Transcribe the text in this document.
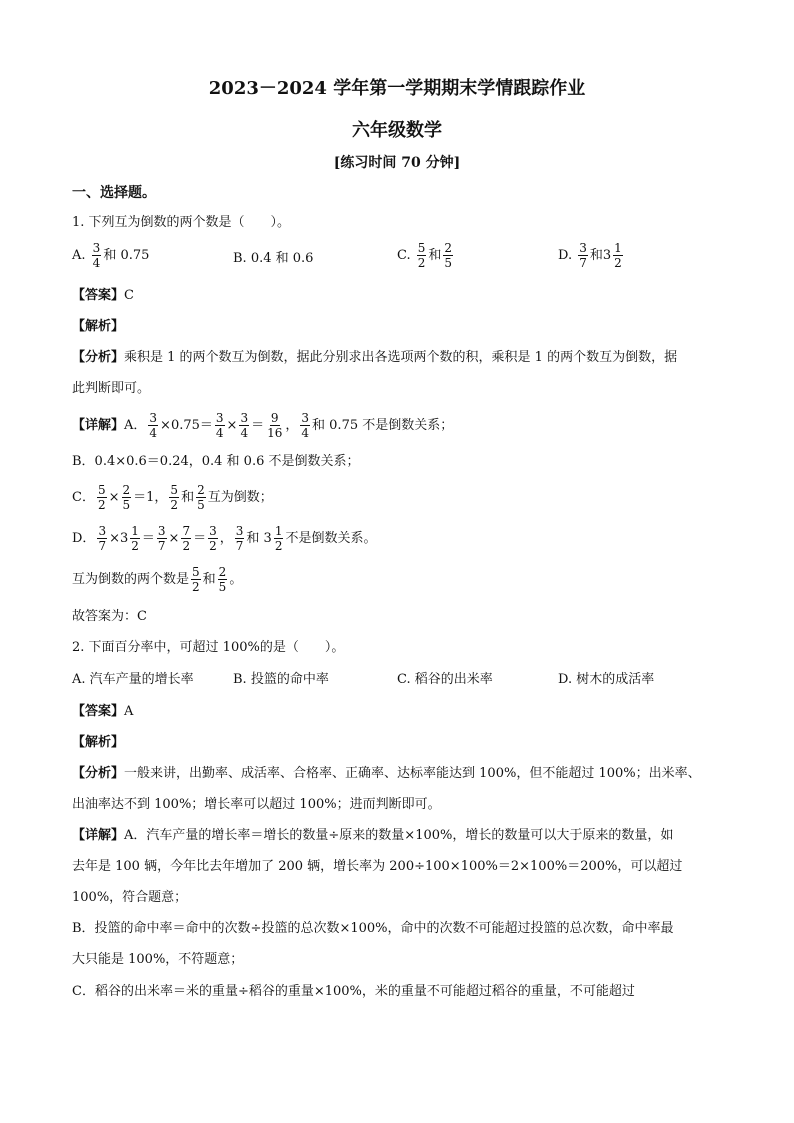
2023－2024 学年第一学期期末学情跟踪作业
六年级数学
[练习时间 70 分钟]
一、选择题。
1. 下列互为倒数的两个数是（　　）。
A.
$\frac{3}{4}$ 和 0.75	B. 0.4 和 0.6	C.
$\frac{5}{2}$ 和 $\frac{2}{5}$	D.
$\frac{3}{7}$ 和 $3 \frac{1}{2}$
【答案】C
【解析】
【分析】乘积是 1 的两个数互为倒数，据此分别求出各选项两个数的积，乘积是 1 的两个数互为倒数，据
此判断即可。
【详解】 A． $\frac{3}{4} \times 0.75= \frac{3}{4} \times \frac{3}{4} = \frac{9}{16}$ ， $\frac{3}{4}$ 和 0.75 不是倒数关系；
B．0.4×0.6＝0.24，0.4 和 0.6 不是倒数关系；
C． $\frac{5}{2} \times \frac{2}{5} =1$， $\frac{5}{2}$ 和 $\frac{2}{5}$ 互为倒数；
D． $\frac{3}{7} \times 3 \frac{1}{2} = \frac{3}{7} \times \frac{7}{2} = \frac{3}{2}$ ， $\frac{3}{7}$ 和 $3 \frac{1}{2}$ 不是倒数关系。
互为倒数的两个数是 $\frac{5}{2}$ 和 $\frac{2}{5}$ 。
故答案为：C
2. 下面百分率中，可超过 100%的是（　　）。
A. 汽车产量的增长率	B. 投篮的命中率	C. 稻谷的出米率	D. 树木的成活率
【答案】A
【解析】
【分析】一般来讲，出勤率、成活率、合格率、正确率、达标率能达到 100%，但不能超过 100%；出米率、
出油率达不到 100%；增长率可以超过 100%；进而判断即可。
【详解】A．汽车产量的增长率＝增长的数量÷原来的数量×100%，增长的数量可以大于原来的数量，如
去年是 100 辆，今年比去年增加了 200 辆，增长率为 200÷100×100%＝2×100%＝200%，可以超过
100%，符合题意；
B．投篮的命中率＝命中的次数÷投篮的总次数×100%，命中的次数不可能超过投篮的总次数，命中率最
大只能是 100%，不符题意；
C．稻谷的出米率＝米的重量÷稻谷的重量×100%，米的重量不可能超过稻谷的重量，不可能超过
